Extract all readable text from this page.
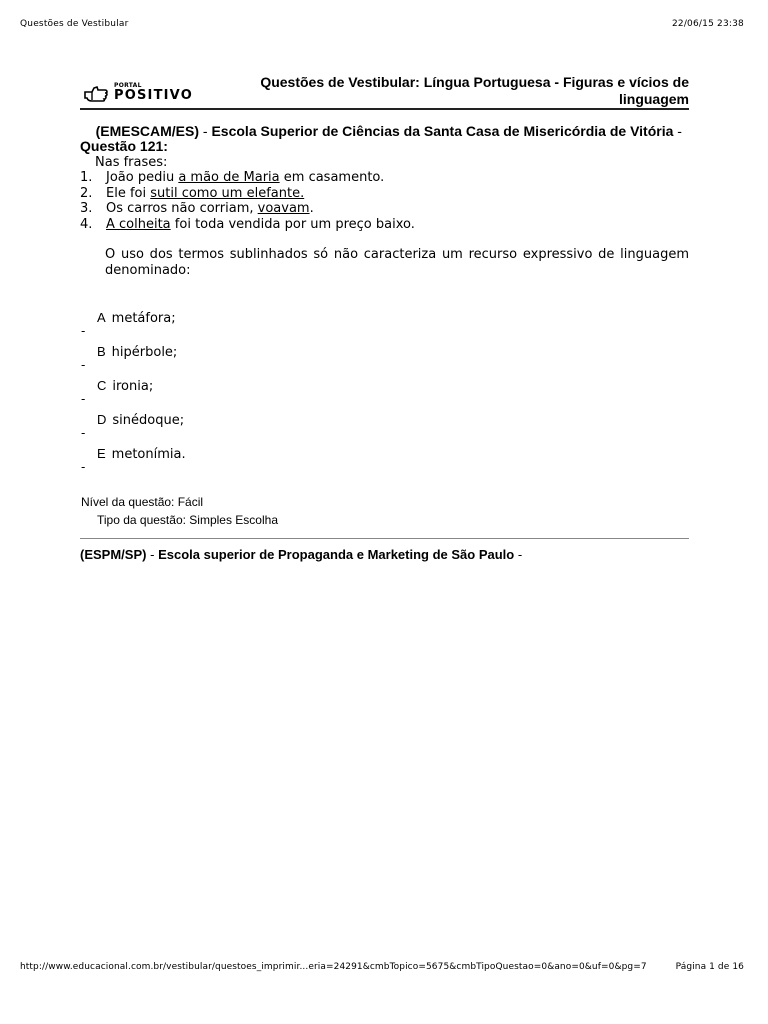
Questões de Vestibular	22/06/15 23:38
PORTAL
POSITIVO
Questões de Vestibular: Língua Portuguesa - Figuras e vícios de linguagem
(EMESCAM/ES) - Escola Superior de Ciências da Santa Casa de Misericórdia de Vitória -
Questão 121:
Nas frases:
1. João pediu a mão de Maria em casamento.
2. Ele foi sutil como um elefante.
3. Os carros não corriam, voavam.
4. A colheita foi toda vendida por um preço baixo.
O uso dos termos sublinhados só não caracteriza um recurso expressivo de linguagem denominado:
A metáfora;
-
B hipérbole;
-
C ironia;
-
D sinédoque;
-
E metonímia.
-
Nível da questão: Fácil
Tipo da questão: Simples Escolha
(ESPM/SP) - Escola superior de Propaganda e Marketing de São Paulo -
http://www.educacional.com.br/vestibular/questoes_imprimir...eria=24291&cmbTopico=5675&cmbTipoQuestao=0&ano=0&uf=0&pg=7	Página 1 de 16
